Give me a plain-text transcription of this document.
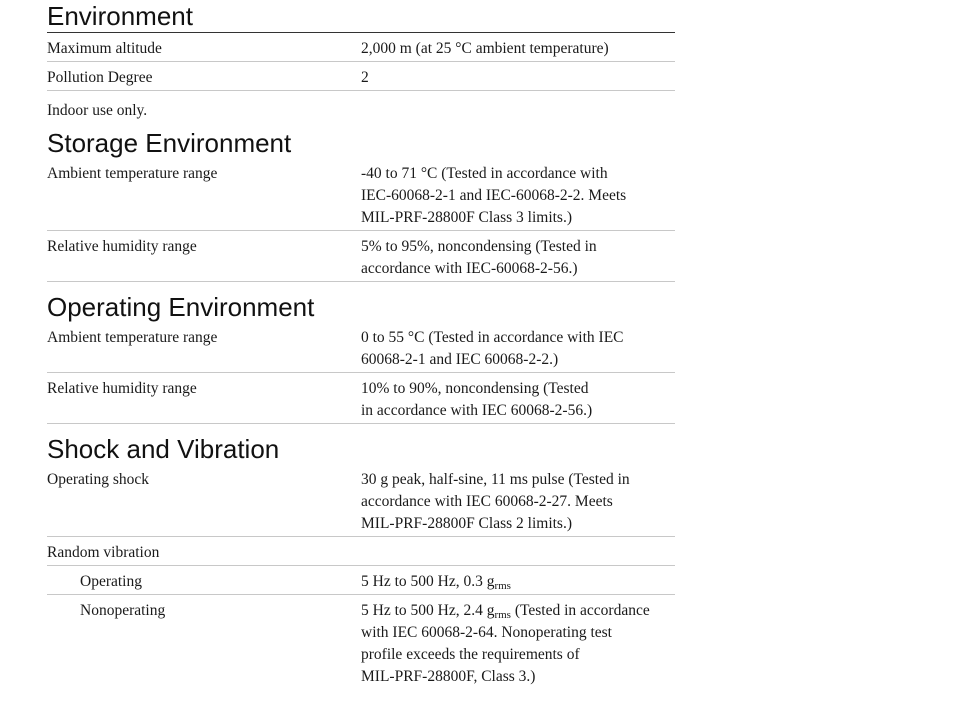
Environment
Maximum altitude	2,000 m (at 25 °C ambient temperature)
Pollution Degree	2
Indoor use only.
Storage Environment
Ambient temperature range	-40 to 71 °C (Tested in accordance with
IEC-60068-2-1 and IEC-60068-2-2. Meets
MIL-PRF-28800F Class 3 limits.)
Relative humidity range	5% to 95%, noncondensing (Tested in
accordance with IEC-60068-2-56.)
Operating Environment
Ambient temperature range	0 to 55 °C (Tested in accordance with IEC
60068-2-1 and IEC 60068-2-2.)
Relative humidity range	10% to 90%, noncondensing (Tested
in accordance with IEC 60068-2-56.)
Shock and Vibration
Operating shock	30 g peak, half-sine, 11 ms pulse (Tested in
accordance with IEC 60068-2-27. Meets
MIL-PRF-28800F Class 2 limits.)
Random vibration
Operating	5 Hz to 500 Hz, 0.3 $g_{rms}$
Nonoperating	5 Hz to 500 Hz, 2.4 $g_{rms}$ (Tested in accordance
with IEC 60068-2-64. Nonoperating test
profile exceeds the requirements of
MIL-PRF-28800F, Class 3.)
